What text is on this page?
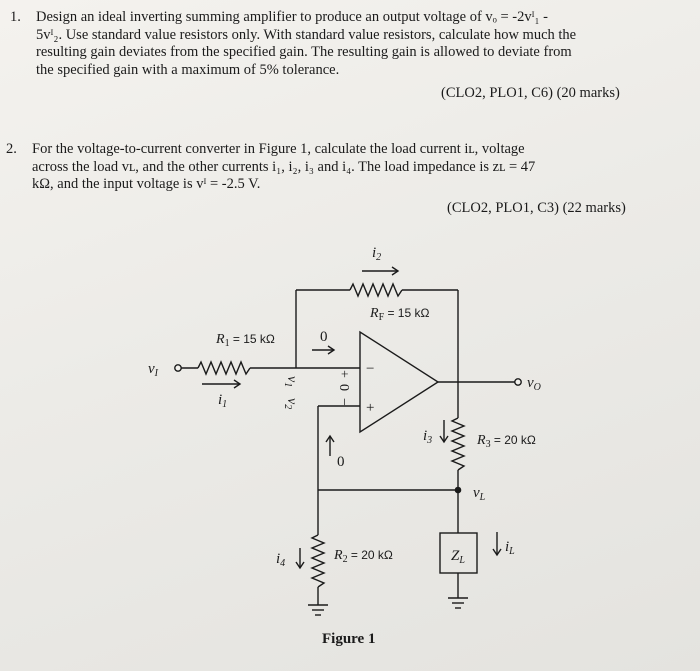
1. Design an ideal inverting summing amplifier to produce an output voltage of vₒ = -2vᴵ₁ -
5vᴵ₂. Use standard value resistors only. With standard value resistors, calculate how much the
resulting gain deviates from the specified gain. The resulting gain is allowed to deviate from
the specified gain with a maximum of 5% tolerance.
(CLO2, PLO1, C6) (20 marks)
2. For the voltage-to-current converter in Figure 1, calculate the load current iʟ, voltage
across the load vʟ, and the other currents i₁, i₂, i₃ and i₄. The load impedance is zʟ = 47
kΩ, and the input voltage is vᴵ = -2.5 V.
(CLO2, PLO1, C3) (22 marks)
−
+
+
0
−
$v_I$
$R_1 = 15$ kΩ
$R_F = 15$ kΩ
$i_2$
0
$i_1$
$v_1$
$v_2$
0
$v_O$
$i_3$	$R_3 = 20$ kΩ
$v_L$
$Z_L$
$i_L$
$i_4$
$R_2 = 20$ kΩ
Figure 1
